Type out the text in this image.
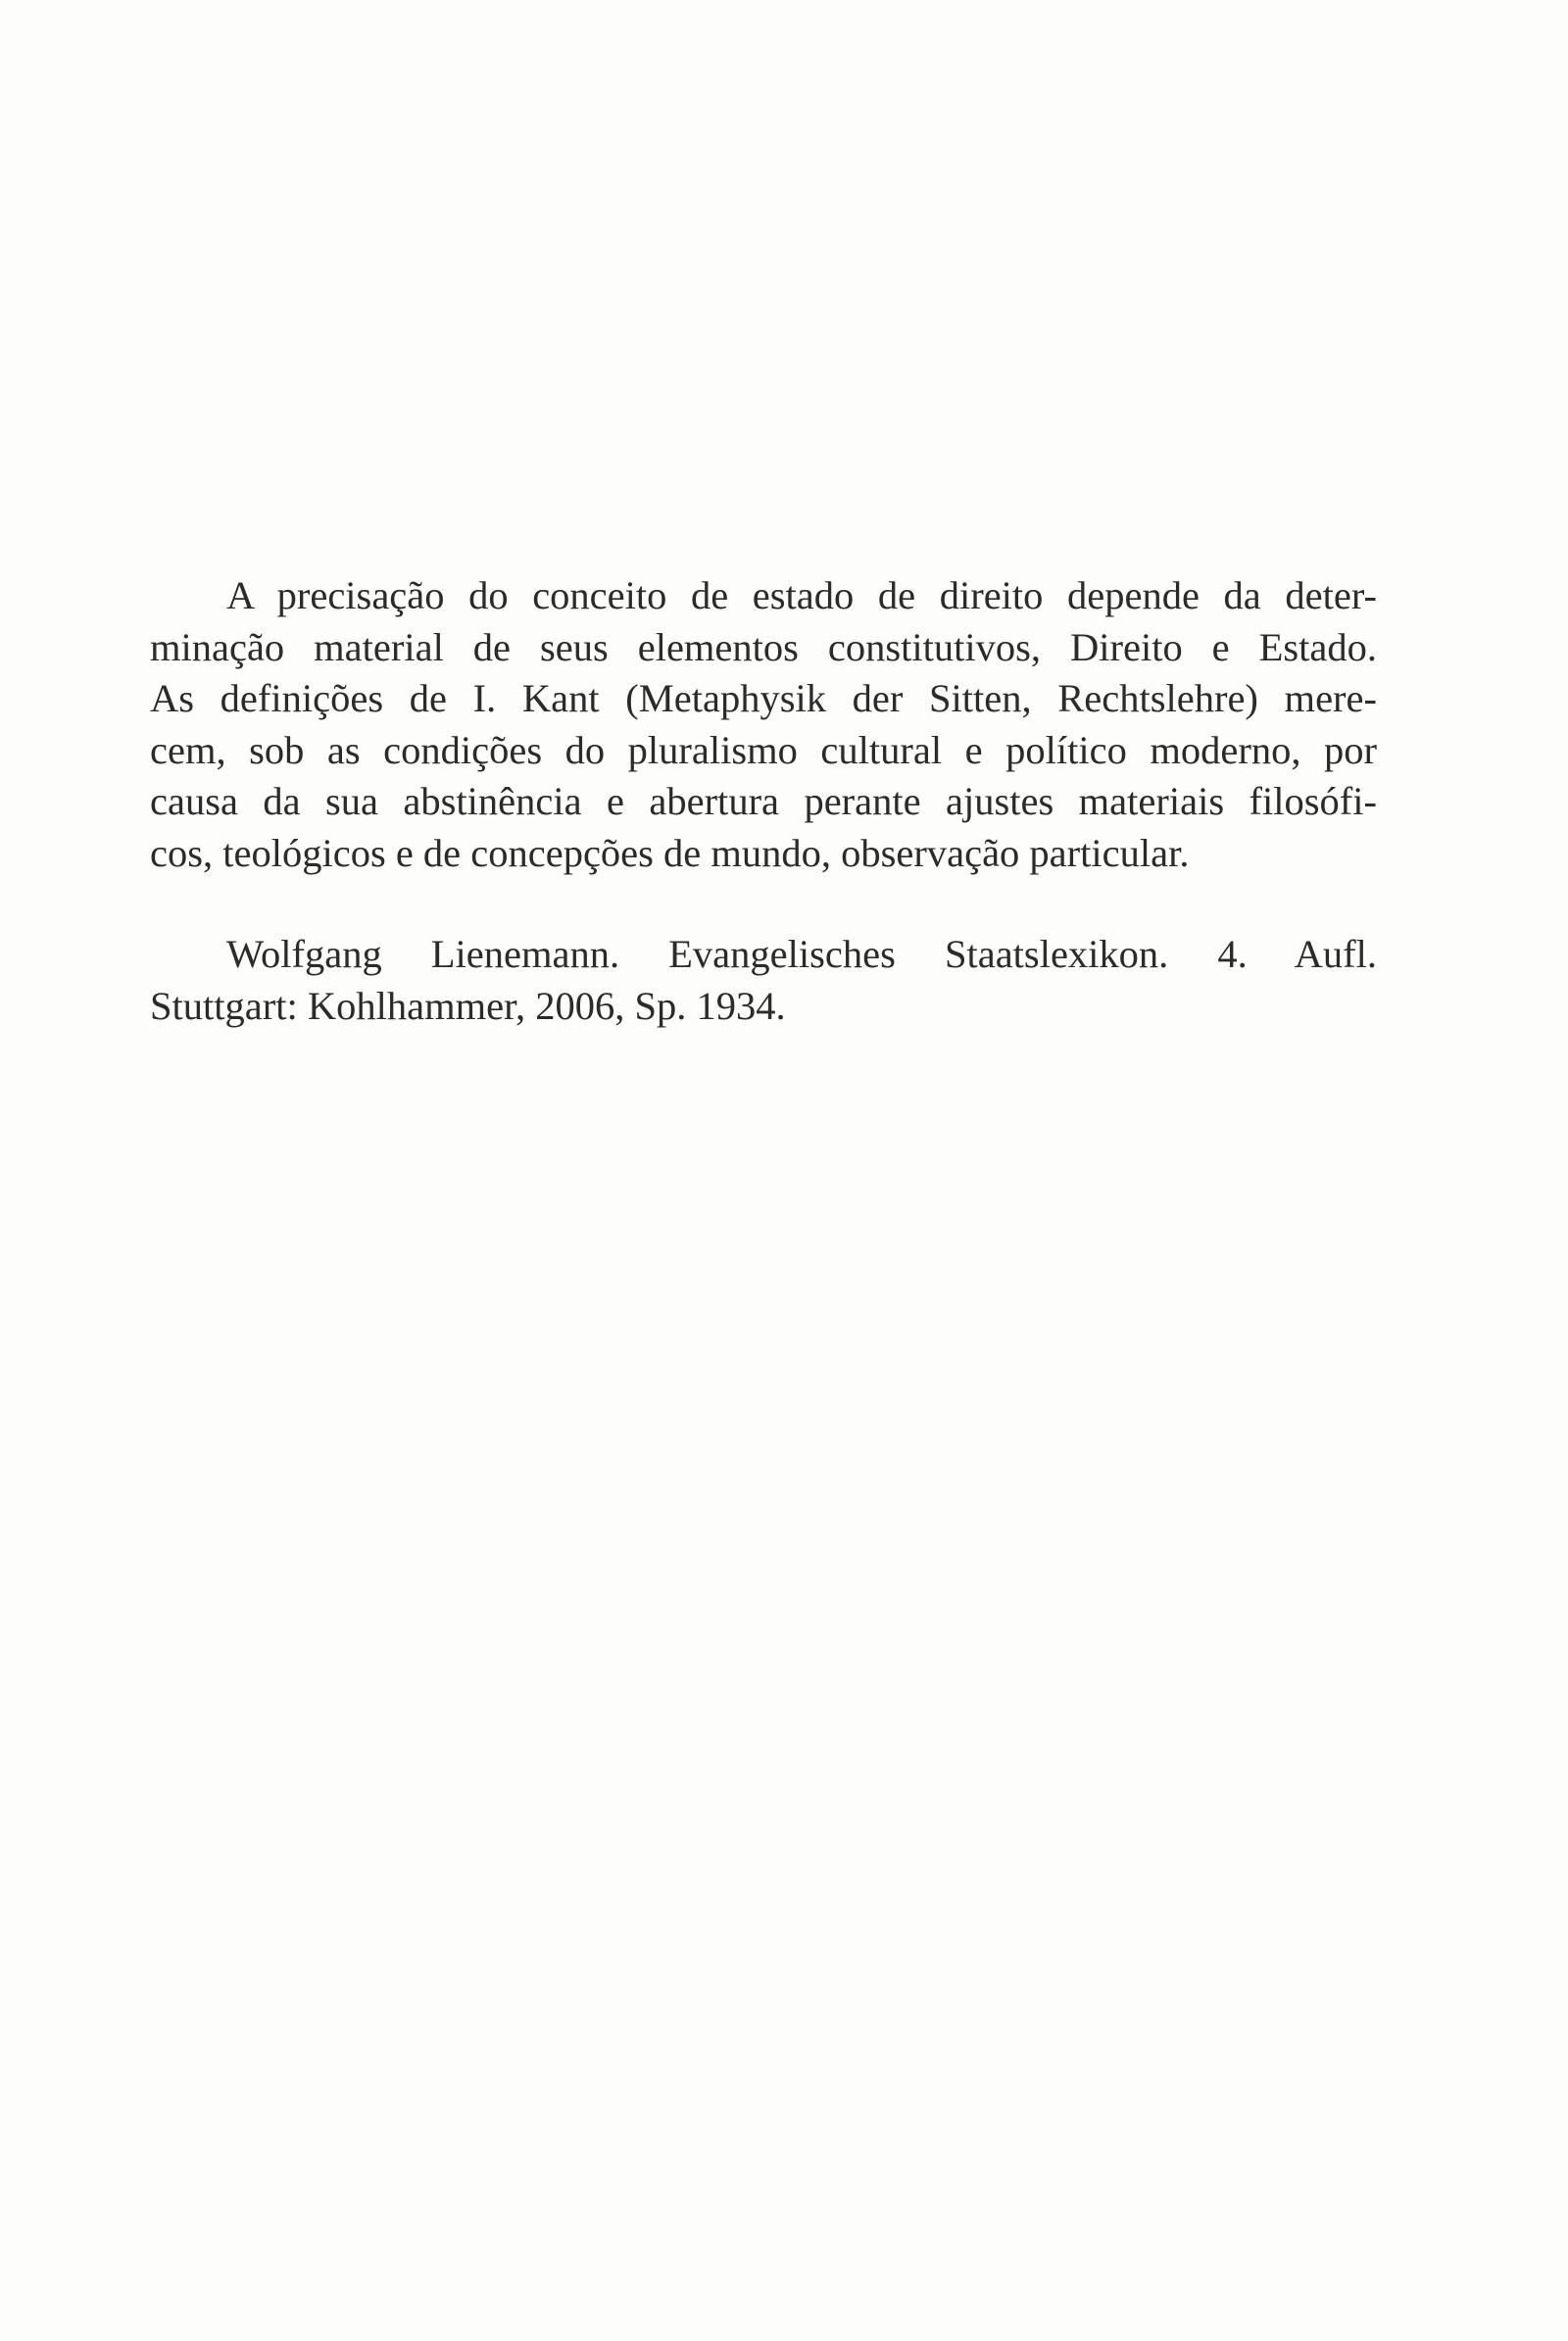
A precisação do conceito de estado de direito depende da deter-
minação material de seus elementos constitutivos, Direito e Estado.
As definições de I. Kant (Metaphysik der Sitten, Rechtslehre) mere-
cem, sob as condições do pluralismo cultural e político moderno, por
causa da sua abstinência e abertura perante ajustes materiais filosófi-
cos, teológicos e de concepções de mundo, observação particular.
Wolfgang Lienemann. Evangelisches Staatslexikon. 4. Aufl.
Stuttgart: Kohlhammer, 2006, Sp. 1934.
